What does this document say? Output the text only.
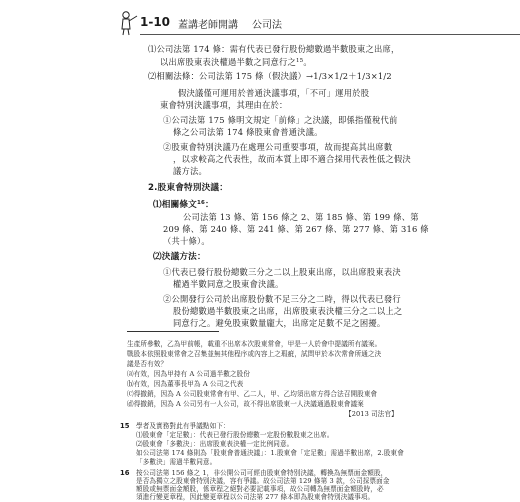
1-10 蓋講老師開講 公司法
⑴公司法第 174 條：需有代表已發行股份總數過半數股東之出席，
以出席股東表決權過半數之同意行之$^{15}$。
⑵相關法條：公司法第 175 條（假決議）→1/3×1/2＋1/3×1/2
假決議僅可運用於普通決議事項，「不可」運用於股
東會特別決議事項，其理由在於：
①公司法第 175 條明文規定「前條」之決議，即係指僅稅代前
條之公司法第 174 條股東會普通決議。
②股東會特別決議乃在處理公司重要事項，故而提高其出席數
，以求較高之代表性，故而本質上即不適合採用代表性低之假決
議方法。
2.股東會特別決議：
⑴相關條文$^{16}$：
公司法第 13 條、第 156 條之 2、第 185 條、第 199 條、第
209 條、第 240 條、第 241 條、第 267 條、第 277 條、第 316 條
（共十條）。
⑵決議方法：
①代表已發行股份總數三分之二以上股東出席，以出席股東表決
權過半數同意之股東會決議。
②公開發行公司於出席股份數不足三分之二時，得以代表已發行
股份總數過半數股東之出席，出席股東表決權三分之二以上之
同意行之。避免股東數量龐大，出席定足數不足之困擾。
生產所參數，乙為甲前帳，載重不出席本次股東常會，甲是一人於會中提議所有議案。
戰股本依照股東常會之召集並無其他程序或內容上之瑕疵，試問甲於本次常會所通之決
議是否有效？
⒜有效，因為甲持有 A 公司過半數之股份
⒝有效，因為董事長甲為 A 公司之代表
⒞得撤銷，因為 A 公司股東常會有甲、乙二人，甲、乙均須出席方得合法召開股東會
⒟得撤銷，因為 A 公司另有一人公司，故不得出席股東一人決議通過股東會議案
【2013 司法官】
15 學者及實務對此有爭議點如下：
⑴股東會「定足數」：代表已發行股份總數一定股份數股東之出席。
⑵股東會「多數決」：出席股東表決權一定比例同意。
如公司法第 174 條則為「股東會普通決議」：1.股東會「定足數」需過半數出席，2.股東會
「多數決」需過半數同意。
16 按公司法第 156 條之 1，非公開公司可經由股東會特別決議，轉換為無票面金額股，
是否為獨立之股東會特別決議，容有爭議。故公司法第 129 條第 3 款，公司採票面金
額股或無票面金額股，係章程之絕對必要記載事項，故公司轉為無票面金額股時，必
須進行變更章程，因此變更章程以公司法第 277 條本即為股東會特別決議事項。
